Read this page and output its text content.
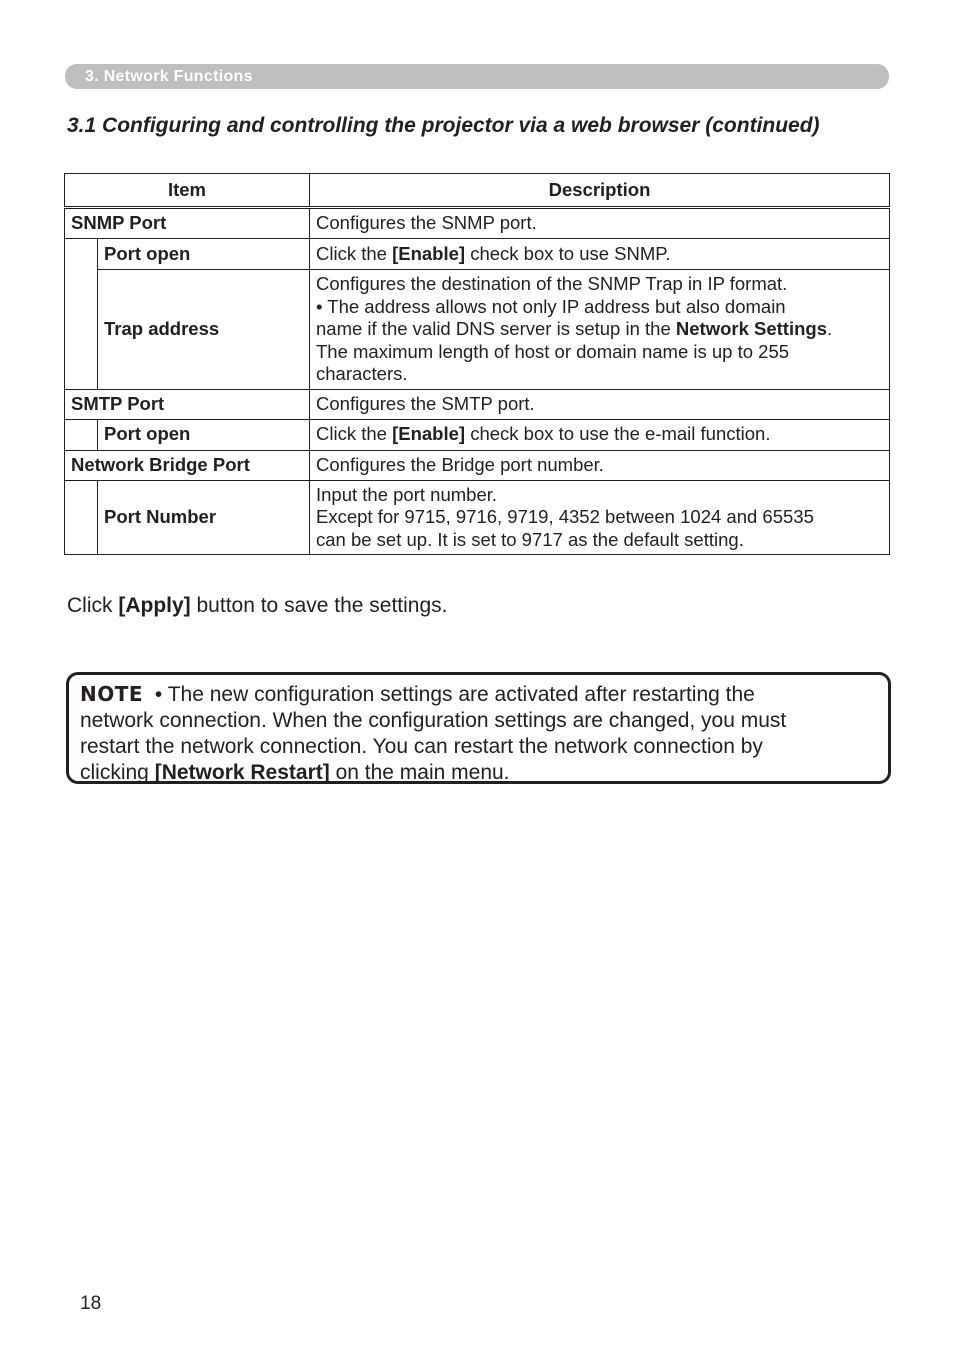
3. Network Functions
3.1 Configuring and controlling the projector via a web browser (continued)
Item		Description
SNMP Port		Configures the SNMP port.
	Port open	Click the [Enable] check box to use SNMP.
	Trap address	Configures the destination of the SNMP Trap in IP format.
• The address allows not only IP address but also domain
name if the valid DNS server is setup in the Network Settings.
The maximum length of host or domain name is up to 255
characters.

SMTP Port		Configures the SMTP port.
	Port open	Click the [Enable] check box to use the e-mail function.
Network Bridge Port		Configures the Bridge port number.
	Port Number	Input the port number.
Except for 9715, 9716, 9719, 4352 between 1024 and 65535
can be set up. It is set to 9717 as the default setting.
Click [Apply] button to save the settings.
NOTE • The new configuration settings are activated after restarting the
network connection. When the configuration settings are changed, you must
restart the network connection. You can restart the network connection by
clicking [Network Restart] on the main menu.
18
